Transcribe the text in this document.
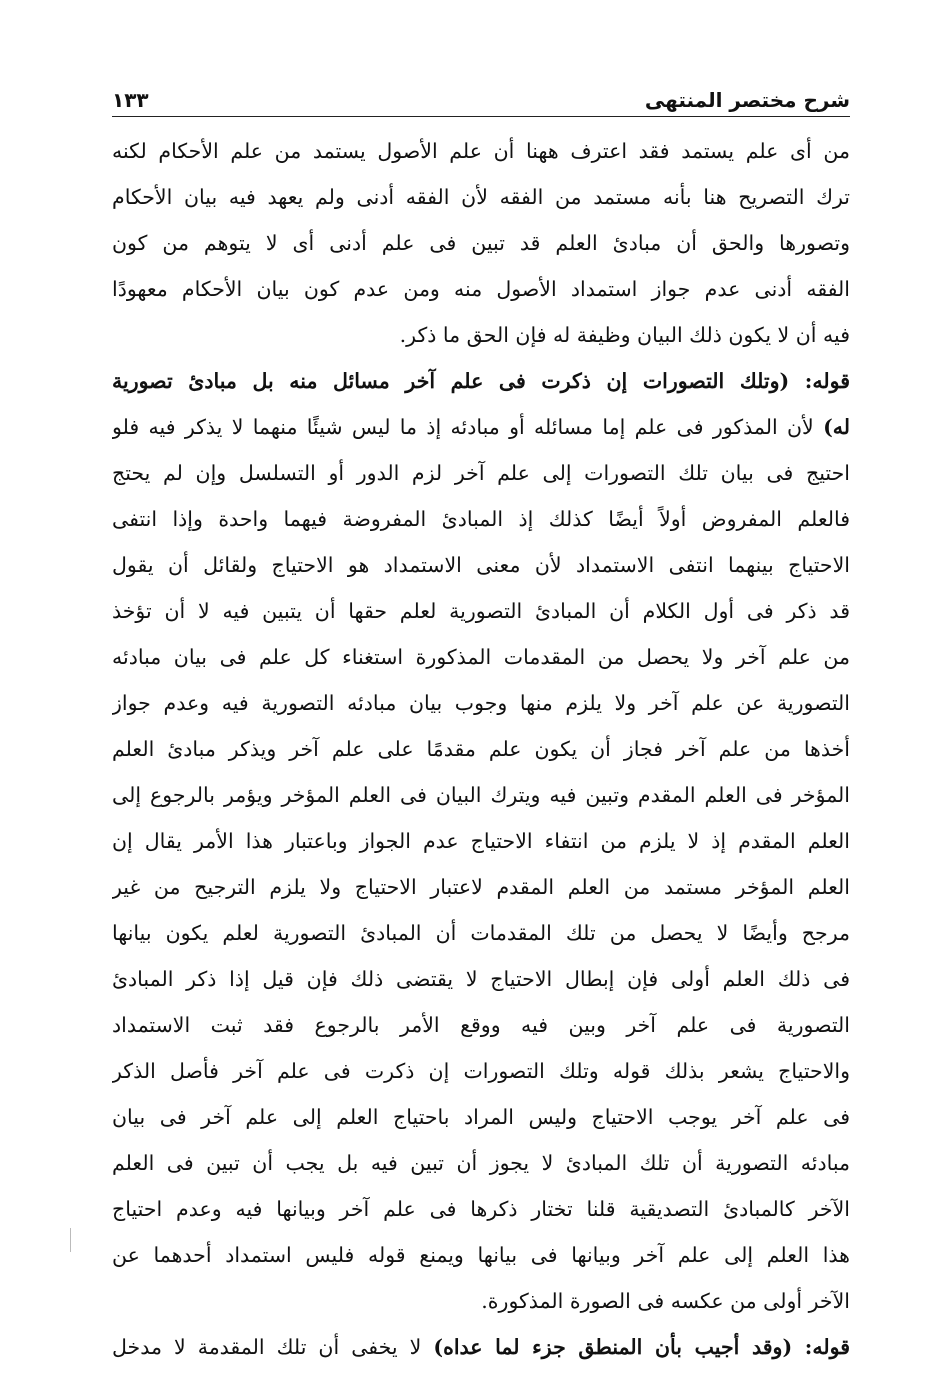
شرح مختصر المنتهى
١٣٣
من أى علم يستمد فقد اعترف ههنا أن علم الأصول يستمد من علم الأحكام لكنه
ترك التصريح هنا بأنه مستمد من الفقه لأن الفقه أدنى ولم يعهد فيه بيان الأحكام
وتصورها والحق أن مبادئ العلم قد تبين فى علم أدنى أى لا يتوهم من كون
الفقه أدنى عدم جواز استمداد الأصول منه ومن عدم كون بيان الأحكام معهودًا
فيه أن لا يكون ذلك البيان وظيفة له فإن الحق ما ذكر.
قوله: (وتلك التصورات إن ذكرت فى علم آخر مسائل منه بل مبادئ تصورية
له) لأن المذكور فى علم إما مسائله أو مبادئه إذ ما ليس شيئًا منهما لا يذكر فيه فلو
احتيج فى بيان تلك التصورات إلى علم آخر لزم الدور أو التسلسل وإن لم يحتج
فالعلم المفروض أولاً أيضًا كذلك إذ المبادئ المفروضة فيهما واحدة وإذا انتفى
الاحتياج بينهما انتفى الاستمداد لأن معنى الاستمداد هو الاحتياج ولقائل أن يقول
قد ذكر فى أول الكلام أن المبادئ التصورية لعلم حقها أن يتبين فيه لا أن تؤخذ
من علم آخر ولا يحصل من المقدمات المذكورة استغناء كل علم فى بيان مبادئه
التصورية عن علم آخر ولا يلزم منها وجوب بيان مبادئه التصورية فيه وعدم جواز
أخذها من علم آخر فجاز أن يكون علم مقدمًا على علم آخر ويذكر مبادئ العلم
المؤخر فى العلم المقدم وتبين فيه ويترك البيان فى العلم المؤخر ويؤمر بالرجوع إلى
العلم المقدم إذ لا يلزم من انتفاء الاحتياج عدم الجواز وباعتبار هذا الأمر يقال إن
العلم المؤخر مستمد من العلم المقدم لاعتبار الاحتياج ولا يلزم الترجيح من غير
مرجح وأيضًا لا يحصل من تلك المقدمات أن المبادئ التصورية لعلم يكون بيانها
فى ذلك العلم أولى فإن إبطال الاحتياج لا يقتضى ذلك فإن قيل إذا ذكر المبادئ
التصورية فى علم آخر وبين فيه ووقع الأمر بالرجوع فقد ثبت الاستمداد
والاحتياج يشعر بذلك قوله وتلك التصورات إن ذكرت فى علم آخر فأصل الذكر
فى علم آخر يوجب الاحتياج وليس المراد باحتياج العلم إلى علم آخر فى بيان
مبادئه التصورية أن تلك المبادئ لا يجوز أن تبين فيه بل يجب أن تبين فى العلم
الآخر كالمبادئ التصديقية قلنا تختار ذكرها فى علم آخر وبيانها فيه وعدم احتياج
هذا العلم إلى علم آخر وبيانها فى بيانها ويمنع قوله فليس استمداد أحدهما عن
الآخر أولى من عكسه فى الصورة المذكورة.
قوله: (وقد أجيب بأن المنطق جزء لما عداه) لا يخفى أن تلك المقدمة لا مدخل
